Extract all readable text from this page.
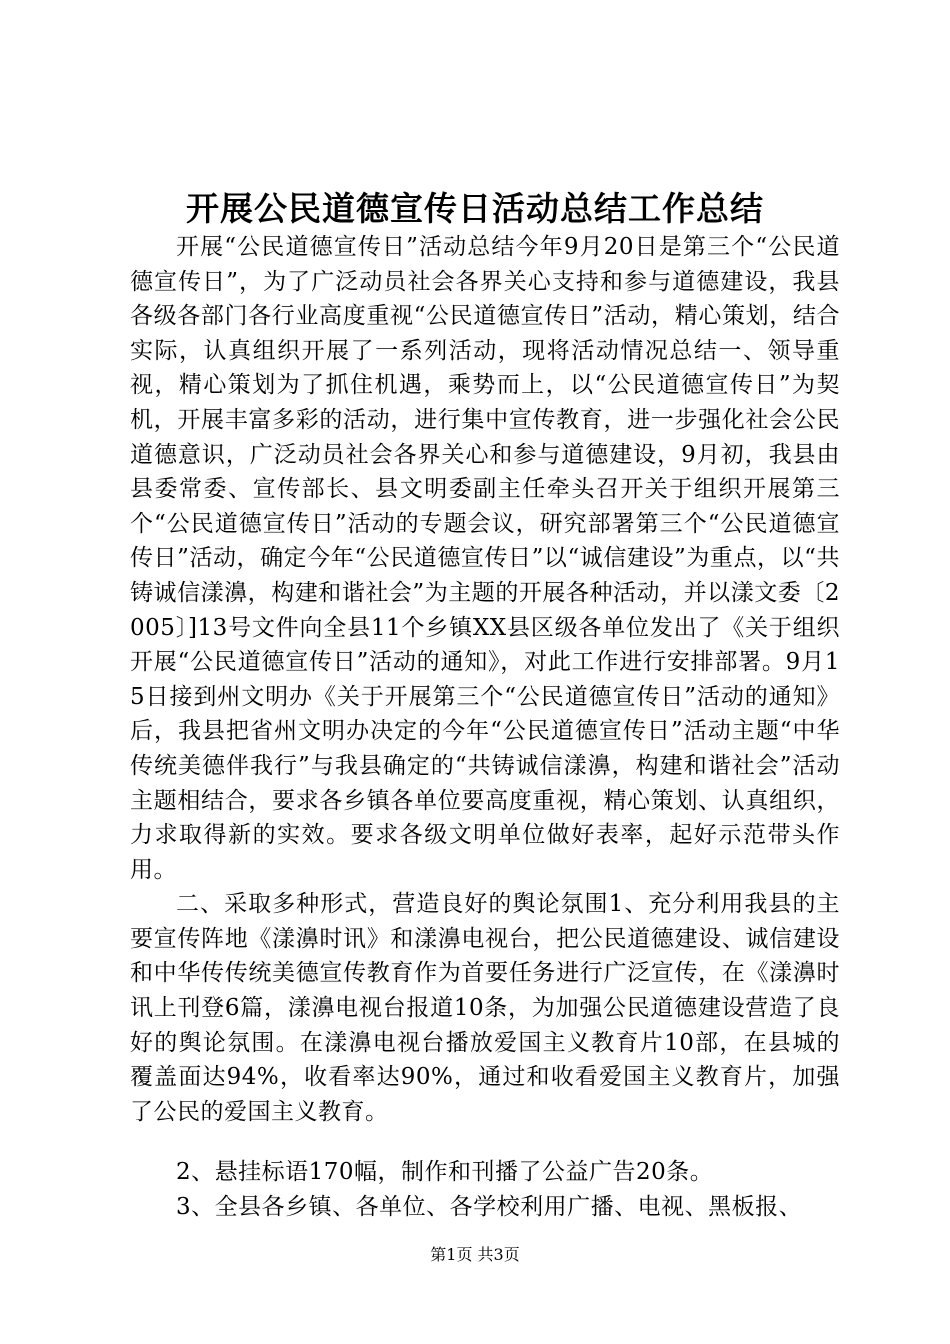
开展公民道德宣传日活动总结工作总结

开展“公民道德宣传日”活动总结今年9月20日是第三个“公民道德宣传日”，为了广泛动员社会各界关心支持和参与道德建设，我县各级各部门各行业高度重视“公民道德宣传日”活动，精心策划，结合实际，认真组织开展了一系列活动，现将活动情况总结一、领导重视，精心策划为了抓住机遇，乘势而上，以“公民道德宣传日”为契机，开展丰富多彩的活动，进行集中宣传教育，进一步强化社会公民道德意识，广泛动员社会各界关心和参与道德建设，9月初，我县由县委常委、宣传部长、县文明委副主任牵头召开关于组织开展第三个“公民道德宣传日”活动的专题会议，研究部署第三个“公民道德宣传日”活动，确定今年“公民道德宣传日”以“诚信建设”为重点，以“共铸诚信漾濞，构建和谐社会”为主题的开展各种活动，并以漾文委〔2005〕]13号文件向全县11个乡镇XX县区级各单位发出了《关于组织开展“公民道德宣传日”活动的通知》，对此工作进行安排部署。9月15日接到州文明办《关于开展第三个“公民道德宣传日”活动的通知》后，我县把省州文明办决定的今年“公民道德宣传日”活动主题“中华传统美德伴我行”与我县确定的“共铸诚信漾濞，构建和谐社会”活动主题相结合，要求各乡镇各单位要高度重视，精心策划、认真组织，力求取得新的实效。要求各级文明单位做好表率，起好示范带头作用。

二、采取多种形式，营造良好的舆论氛围1、充分利用我县的主要宣传阵地《漾濞时讯》和漾濞电视台，把公民道德建设、诚信建设和中华传传统美德宣传教育作为首要任务进行广泛宣传，在《漾濞时讯上刊登6篇，漾濞电视台报道10条，为加强公民道德建设营造了良好的舆论氛围。在漾濞电视台播放爱国主义教育片10部，在县城的覆盖面达94%，收看率达90%，通过和收看爱国主义教育片，加强了公民的爱国主义教育。

2、悬挂标语170幅，制作和刊播了公益广告20条。

3、全县各乡镇、各单位、各学校利用广播、电视、黑板报、

第1页 共3页
